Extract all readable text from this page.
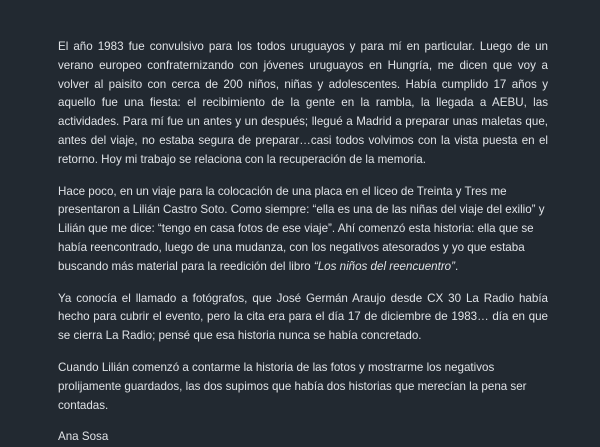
El año 1983 fue convulsivo para los todos uruguayos y para mí en particular. Luego de un verano europeo confraternizando con jóvenes uruguayos en Hungría, me dicen que voy a volver al paisito con cerca de 200 niños, niñas y adolescentes. Había cumplido 17 años y aquello fue una fiesta: el recibimiento de la gente en la rambla, la llegada a AEBU, las actividades. Para mí fue un antes y un después; llegué a Madrid a preparar unas maletas que, antes del viaje, no estaba segura de preparar…casi todos volvimos con la vista puesta en el retorno. Hoy mi trabajo se relaciona con la recuperación de la memoria.

Hace poco, en un viaje para la colocación de una placa en el liceo de Treinta y Tres me presentaron a Lilián Castro Soto. Como siempre: “ella es una de las niñas del viaje del exilio” y Lilián que me dice: “tengo en casa fotos de ese viaje”. Ahí comenzó esta historia: ella que se había reencontrado, luego de una mudanza, con los negativos atesorados y yo que estaba buscando más material para la reedición del libro “Los niños del reencuentro”.

Ya conocía el llamado a fotógrafos, que José Germán Araujo desde CX 30 La Radio había hecho para cubrir el evento, pero la cita era para el día 17 de diciembre de 1983… día en que se cierra La Radio; pensé que esa historia nunca se había concretado.

Cuando Lilián comenzó a contarme la historia de las fotos y mostrarme los negativos prolijamente guardados, las dos supimos que había dos historias que merecían la pena ser contadas.

Ana Sosa
